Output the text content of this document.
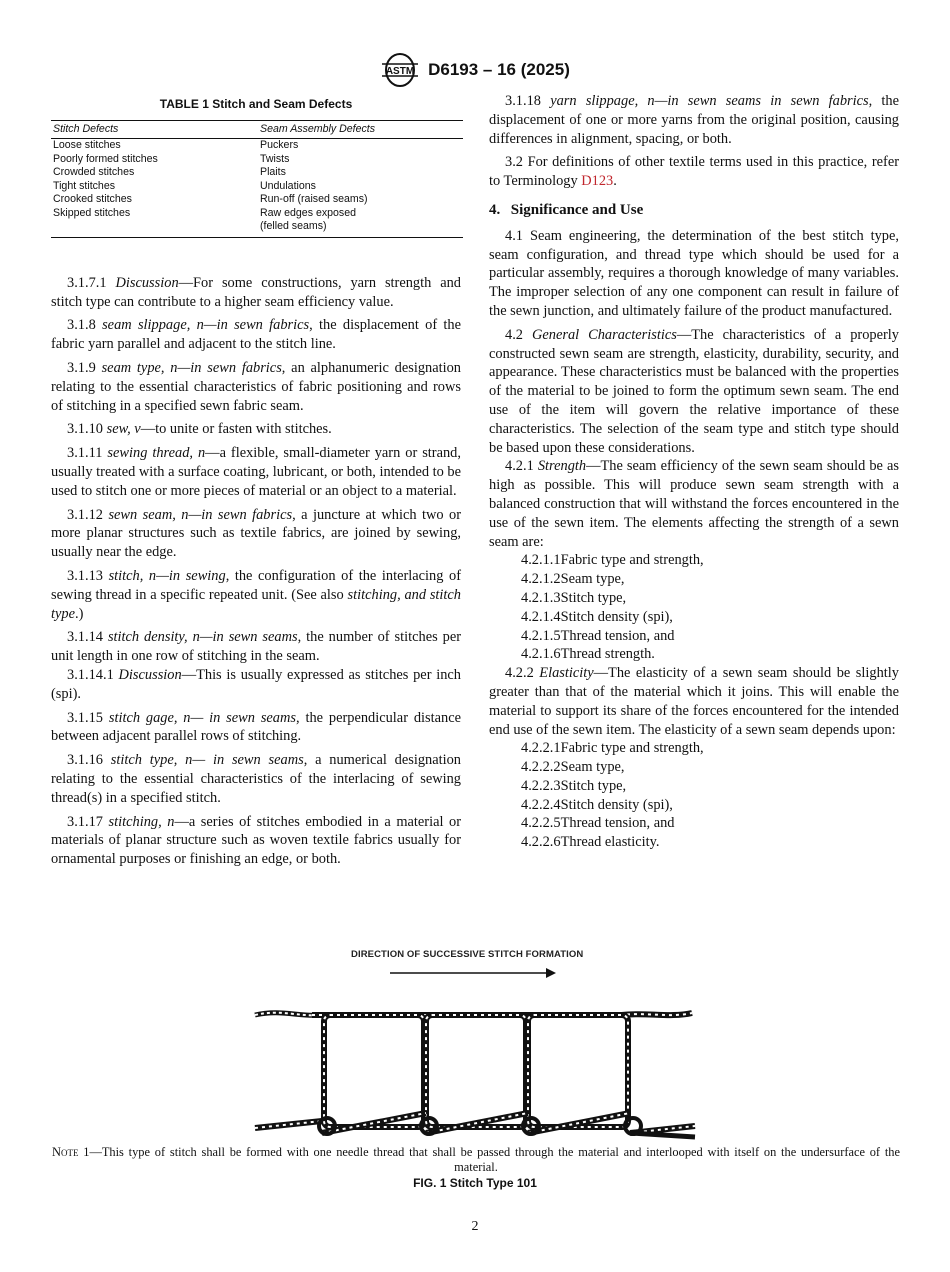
ASTM D6193 – 16 (2025)
TABLE 1 Stitch and Seam Defects
Stitch Defects	Seam Assembly Defects
Loose stitches	Puckers
Poorly formed stitches	Twists
Crowded stitches	Plaits
Tight stitches	Undulations
Crooked stitches	Run-off (raised seams)
Skipped stitches	Raw edges exposed
	(felled seams)

3.1.7.1 Discussion—For some constructions, yarn strength and stitch type can contribute to a higher seam efficiency value.

3.1.8 seam slippage, n—in sewn fabrics, the displacement of the fabric yarn parallel and adjacent to the stitch line.

3.1.9 seam type, n—in sewn fabrics, an alphanumeric designation relating to the essential characteristics of fabric positioning and rows of stitching in a specified sewn fabric seam.

3.1.10 sew, v—to unite or fasten with stitches.

3.1.11 sewing thread, n—a flexible, small-diameter yarn or strand, usually treated with a surface coating, lubricant, or both, intended to be used to stitch one or more pieces of material or an object to a material.

3.1.12 sewn seam, n—in sewn fabrics, a juncture at which two or more planar structures such as textile fabrics, are joined by sewing, usually near the edge.

3.1.13 stitch, n—in sewing, the configuration of the interlacing of sewing thread in a specific repeated unit. (See also stitching, and stitch type.)

3.1.14 stitch density, n—in sewn seams, the number of stitches per unit length in one row of stitching in the seam.

3.1.14.1 Discussion—This is usually expressed as stitches per inch (spi).

3.1.15 stitch gage, n— in sewn seams, the perpendicular distance between adjacent parallel rows of stitching.

3.1.16 stitch type, n— in sewn seams, a numerical designation relating to the essential characteristics of the interlacing of sewing thread(s) in a specified stitch.

3.1.17 stitching, n—a series of stitches embodied in a material or materials of planar structure such as woven textile fabrics usually for ornamental purposes or finishing an edge, or both.

3.1.18 yarn slippage, n—in sewn seams in sewn fabrics, the displacement of one or more yarns from the original position, causing differences in alignment, spacing, or both.

3.2 For definitions of other textile terms used in this practice, refer to Terminology D123.

4. Significance and Use

4.1 Seam engineering, the determination of the best stitch type, seam configuration, and thread type which should be used for a particular assembly, requires a thorough knowledge of many variables. The improper selection of any one component can result in failure of the sewn junction, and ultimately failure of the product manufactured.

4.2 General Characteristics—The characteristics of a properly constructed sewn seam are strength, elasticity, durability, security, and appearance. These characteristics must be balanced with the properties of the material to be joined to form the optimum sewn seam. The end use of the item will govern the relative importance of these characteristics. The selection of the seam type and stitch type should be based upon these considerations.

4.2.1 Strength—The seam efficiency of the sewn seam should be as high as possible. This will produce sewn seam strength with a balanced construction that will withstand the forces encountered in the use of the sewn item. The elements affecting the strength of a sewn seam are:

4.2.1.1Fabric type and strength,

4.2.1.2Seam type,

4.2.1.3Stitch type,

4.2.1.4Stitch density (spi),

4.2.1.5Thread tension, and

4.2.1.6Thread strength.

4.2.2 Elasticity—The elasticity of a sewn seam should be slightly greater than that of the material which it joins. This will enable the material to support its share of the forces encountered for the intended end use of the sewn item. The elasticity of a sewn seam depends upon:

4.2.2.1Fabric type and strength,

4.2.2.2Seam type,

4.2.2.3Stitch type,

4.2.2.4Stitch density (spi),

4.2.2.5Thread tension, and

4.2.2.6Thread elasticity.

DIRECTION OF SUCCESSIVE STITCH FORMATION
Note 1—This type of stitch shall be formed with one needle thread that shall be passed through the material and interlooped with itself on the undersurface of the material.
FIG. 1 Stitch Type 101
2
